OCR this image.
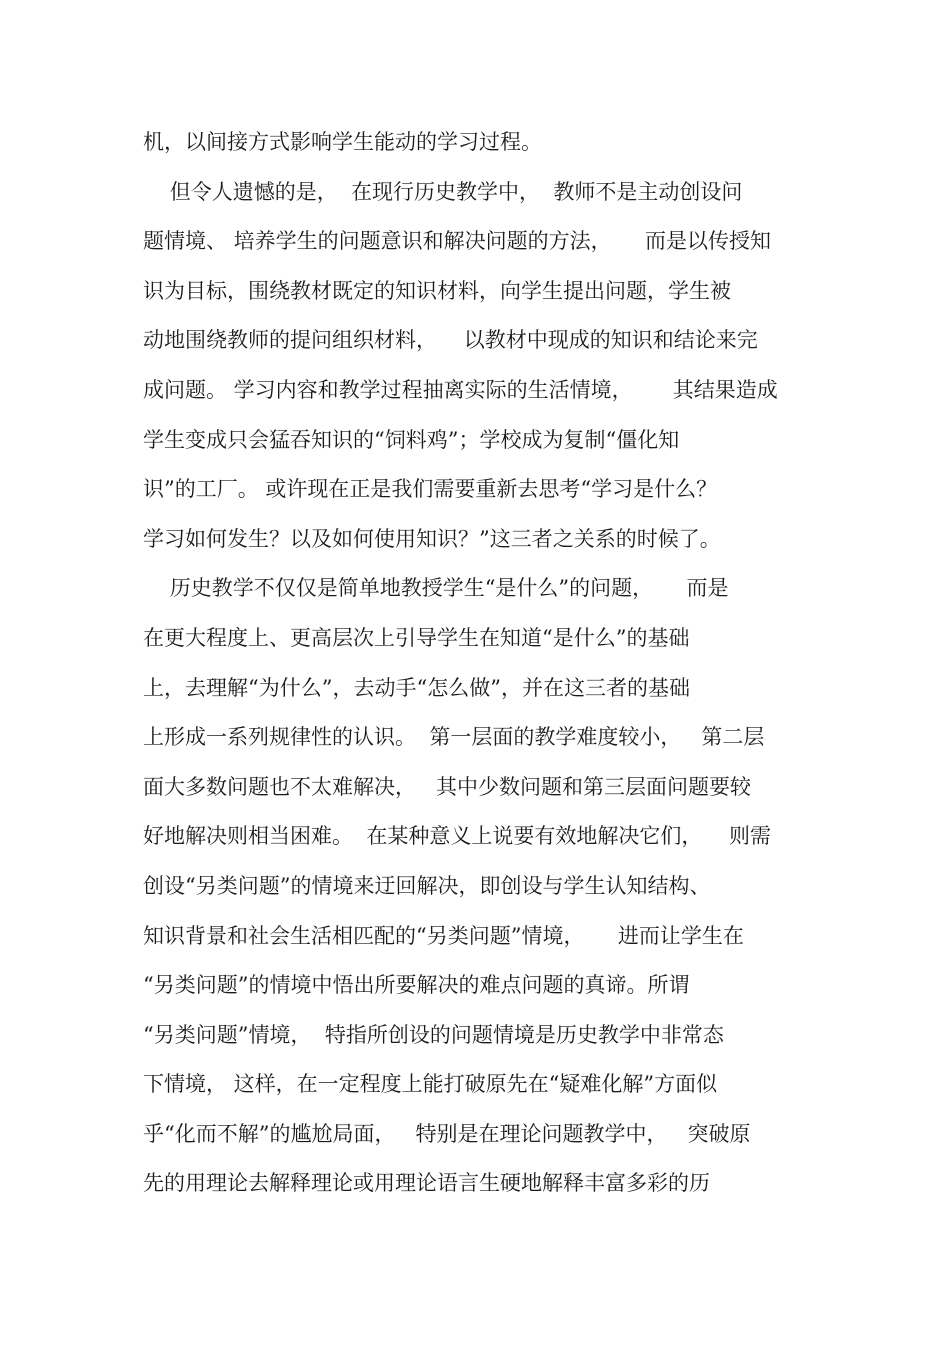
机，以间接方式影响学生能动的学习过程。
但令人遗憾的是，  在现行历史教学中，  教师不是主动创设问
题情境、 培养学生的问题意识和解决问题的方法，     而是以传授知
识为目标，围绕教材既定的知识材料，向学生提出问题，学生被
动地围绕教师的提问组织材料，    以教材中现成的知识和结论来完
成问题。 学习内容和教学过程抽离实际的生活情境，      其结果造成
学生变成只会猛吞知识的“饲料鸡”；学校成为复制“僵化知
识”的工厂。 或许现在正是我们需要重新去思考“学习是什么？
学习如何发生？以及如何使用知识？”这三者之关系的时候了。
历史教学不仅仅是简单地教授学生“是什么”的问题，     而是
在更大程度上、更高层次上引导学生在知道“是什么”的基础
上，去理解“为什么”，去动手“怎么做”，并在这三者的基础
上形成一系列规律性的认识。  第一层面的教学难度较小，   第二层
面大多数问题也不太难解决，   其中少数问题和第三层面问题要较
好地解决则相当困难。  在某种意义上说要有效地解决它们，    则需
创设“另类问题”的情境来迂回解决，即创设与学生认知结构、
知识背景和社会生活相匹配的“另类问题”情境，     进而让学生在
“另类问题”的情境中悟出所要解决的难点问题的真谛。所谓
“另类问题”情境，  特指所创设的问题情境是历史教学中非常态
下情境， 这样，在一定程度上能打破原先在“疑难化解”方面似
乎“化而不解”的尴尬局面，   特别是在理论问题教学中，   突破原
先的用理论去解释理论或用理论语言生硬地解释丰富多彩的历
